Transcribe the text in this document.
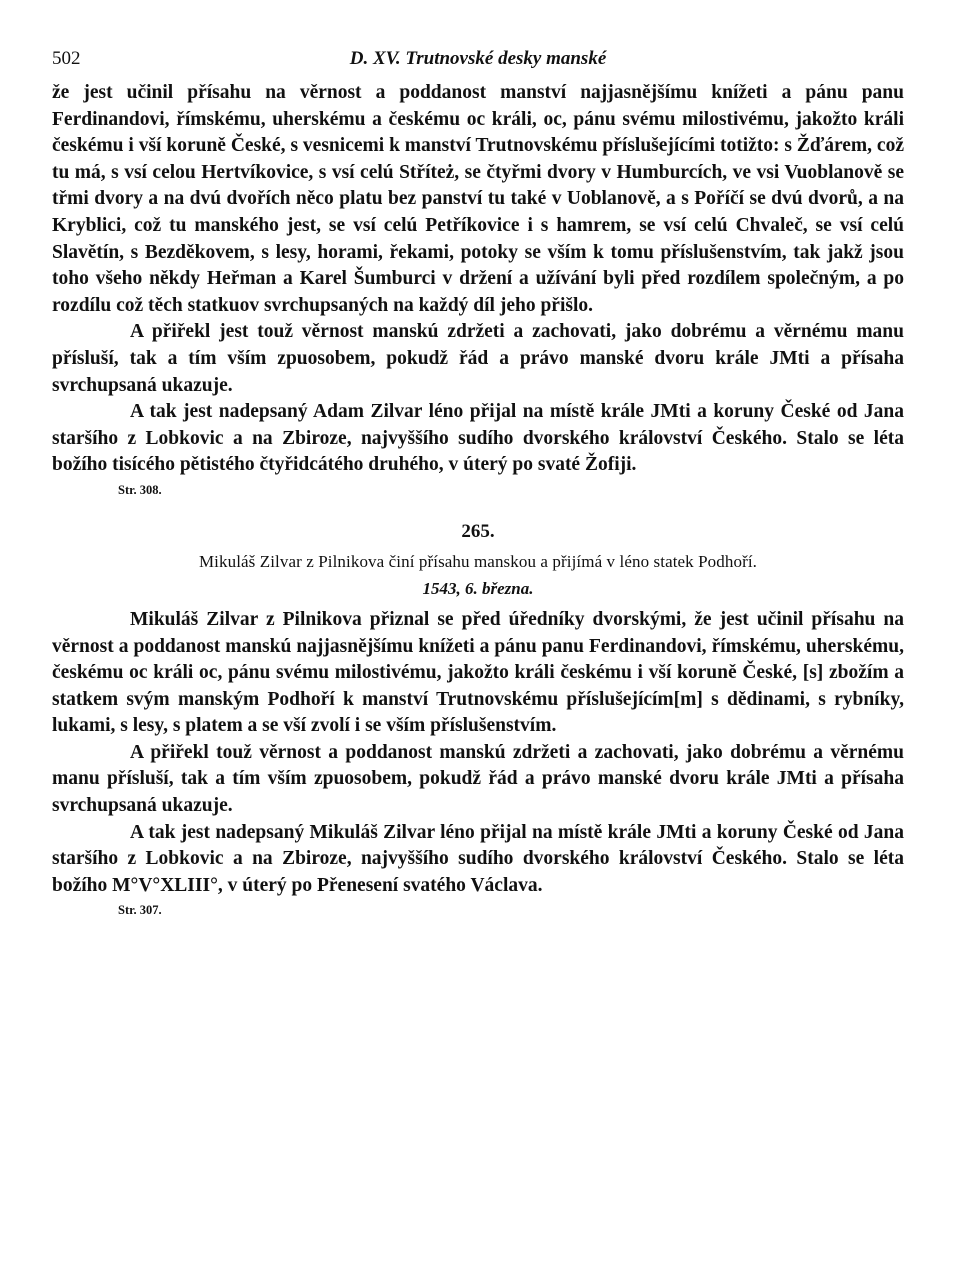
502	D. XV. Trutnovské desky manské

že jest učinil přísahu na věrnost a poddanost manství najjasnějšímu knížeti a pánu panu Ferdinandovi, římskému, uherskému a českému oc králi, oc, pánu svému milostivému, jakožto králi českému i vší koruně České, s vesnicemi k manství Trutnovskému příslušejícími totižto: s Žďárem, což tu má, s vsí celou Hertvíkovice, s vsí celú Stříteż, se čtyřmi dvory v Humburcích, ve vsi Vuoblanově se třmi dvory a na dvú dvořích něco platu bez panství tu také v Uoblanově, a s Poříčí se dvú dvorů, a na Kryblici, což tu manského jest, se vsí celú Petříkovice i s hamrem, se vsí celú Chvaleč, se vsí celú Slavětín, s Bezděkovem, s lesy, horami, řekami, potoky se vším k tomu příslušenstvím, tak jakž jsou toho všeho někdy Heřman a Karel Šumburci v držení a užívání byli před rozdílem společným, a po rozdílu což těch statkuov svrchupsaných na každý díl jeho přišlo.

A přiřekl jest touž věrnost manskú zdržeti a zachovati, jako dobrému a věrnému manu přísluší, tak a tím vším zpuosobem, pokudž řád a právo manské dvoru krále JMti a přísaha svrchupsaná ukazuje.

A tak jest nadepsaný Adam Zilvar léno přijal na místě krále JMti a koruny České od Jana staršího z Lobkovic a na Zbiroze, najvyššího sudího dvorského království Českého. Stalo se léta božího tisícého pětistého čtyřidcátého druhého, v úterý po svaté Žofiji.

Str. 308.
265.

Mikuláš Zilvar z Pilnikova činí přísahu manskou a přijímá v léno statek Podhoří.

1543, 6. března.

Mikuláš Zilvar z Pilnikova přiznal se před úředníky dvorskými, že jest učinil přísahu na věrnost a poddanost manskú najjasnějšímu knížeti a pánu panu Ferdinandovi, římskému, uherskému, českému oc králi oc, pánu svému milostivému, jakožto králi českému i vší koruně České, [s] zbožím a statkem svým manským Podhoří k manství Trutnovskému příslušejícím[m] s dědinami, s rybníky, lukami, s lesy, s platem a se vší zvolí i se vším příslušenstvím.

A přiřekl touž věrnost a poddanost manskú zdržeti a zachovati, jako dobrému a věrnému manu přísluší, tak a tím vším zpuosobem, pokudž řád a právo manské dvoru krále JMti a přísaha svrchupsaná ukazuje.

A tak jest nadepsaný Mikuláš Zilvar léno přijal na místě krále JMti a koruny České od Jana staršího z Lobkovic a na Zbiroze, najvyššího sudího dvorského království Českého. Stalo se léta božího M°V°XLIII°, v úterý po Přenesení svatého Václava.

Str. 307.
